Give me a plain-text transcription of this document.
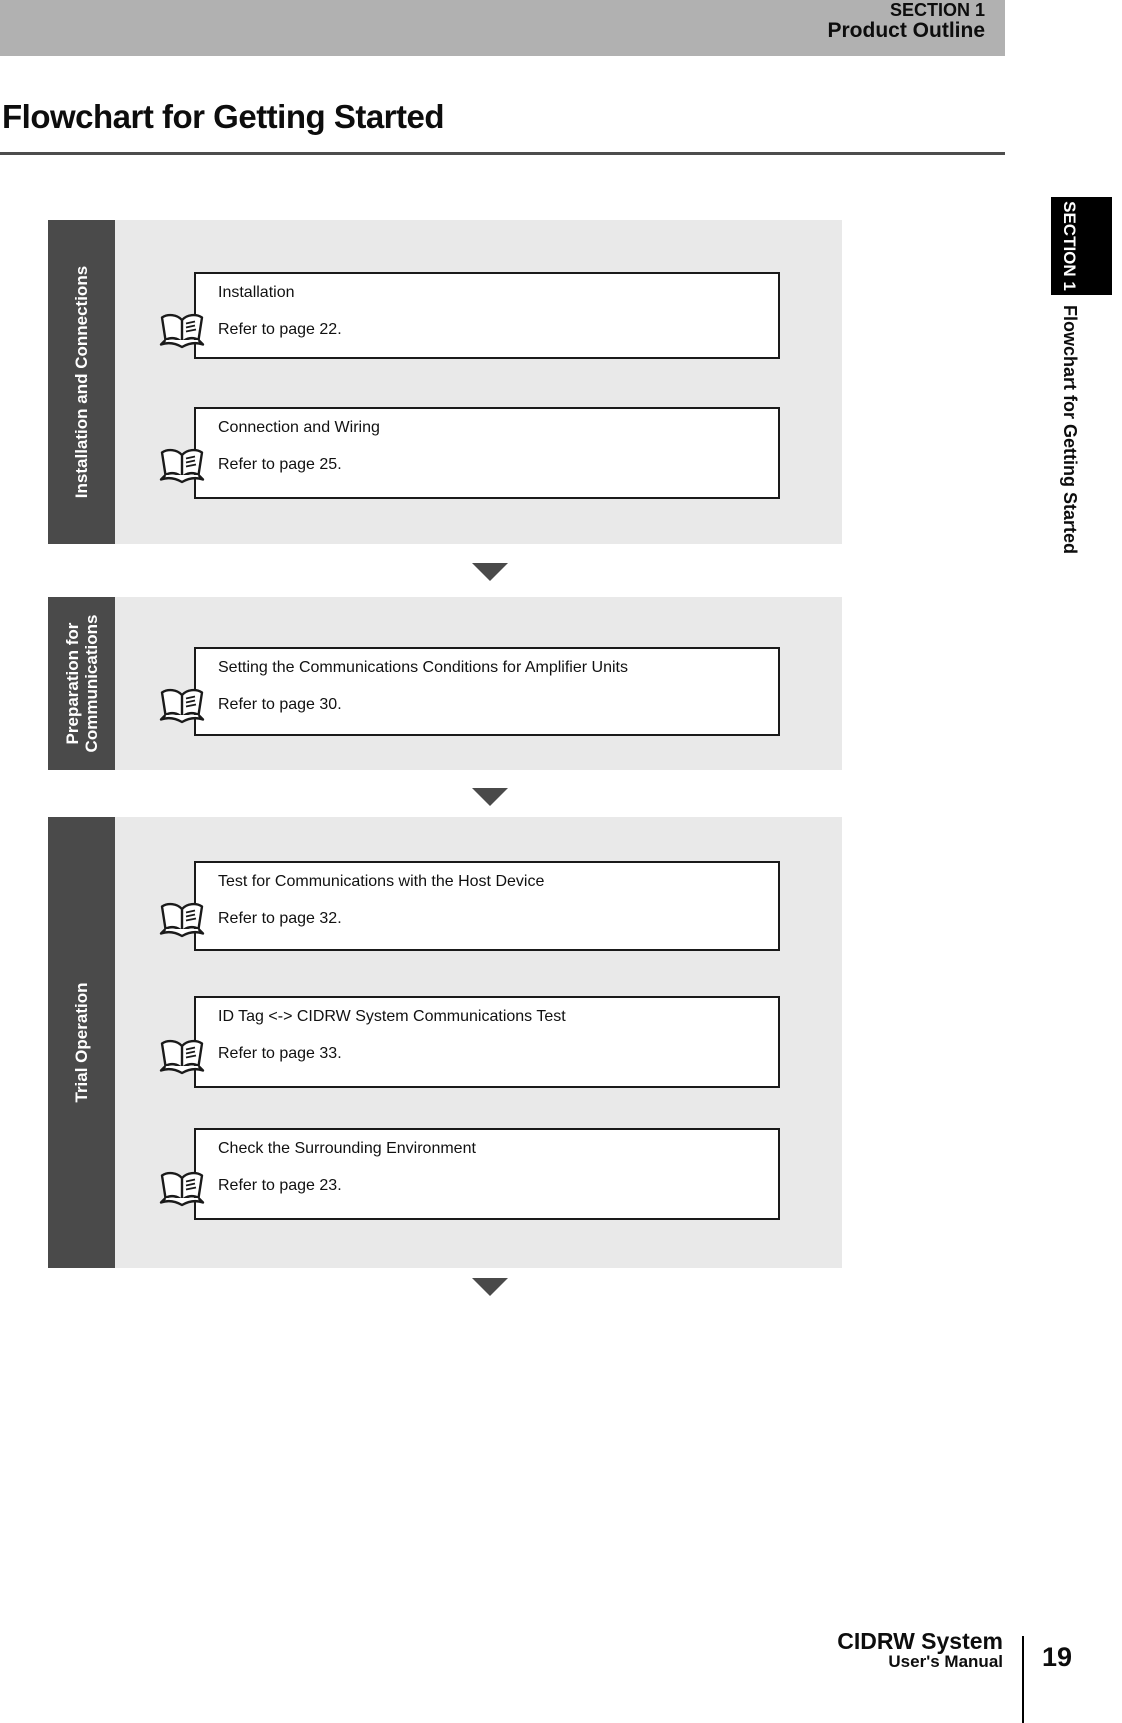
SECTION 1
Product Outline
Flowchart for Getting Started
SECTION 1
Flowchart for Getting Started
Installation and Connections
Preparation for Communications
Trial Operation
Installation
Refer to page 22.
Connection and Wiring
Refer to page 25.
Setting the Communications Conditions for Amplifier Units
Refer to page 30.
Test for Communications with the Host Device
Refer to page 32.
ID Tag <-> CIDRW System Communications Test
Refer to page 33.
Check the Surrounding Environment
Refer to page 23.
CIDRW System
User's Manual 19
